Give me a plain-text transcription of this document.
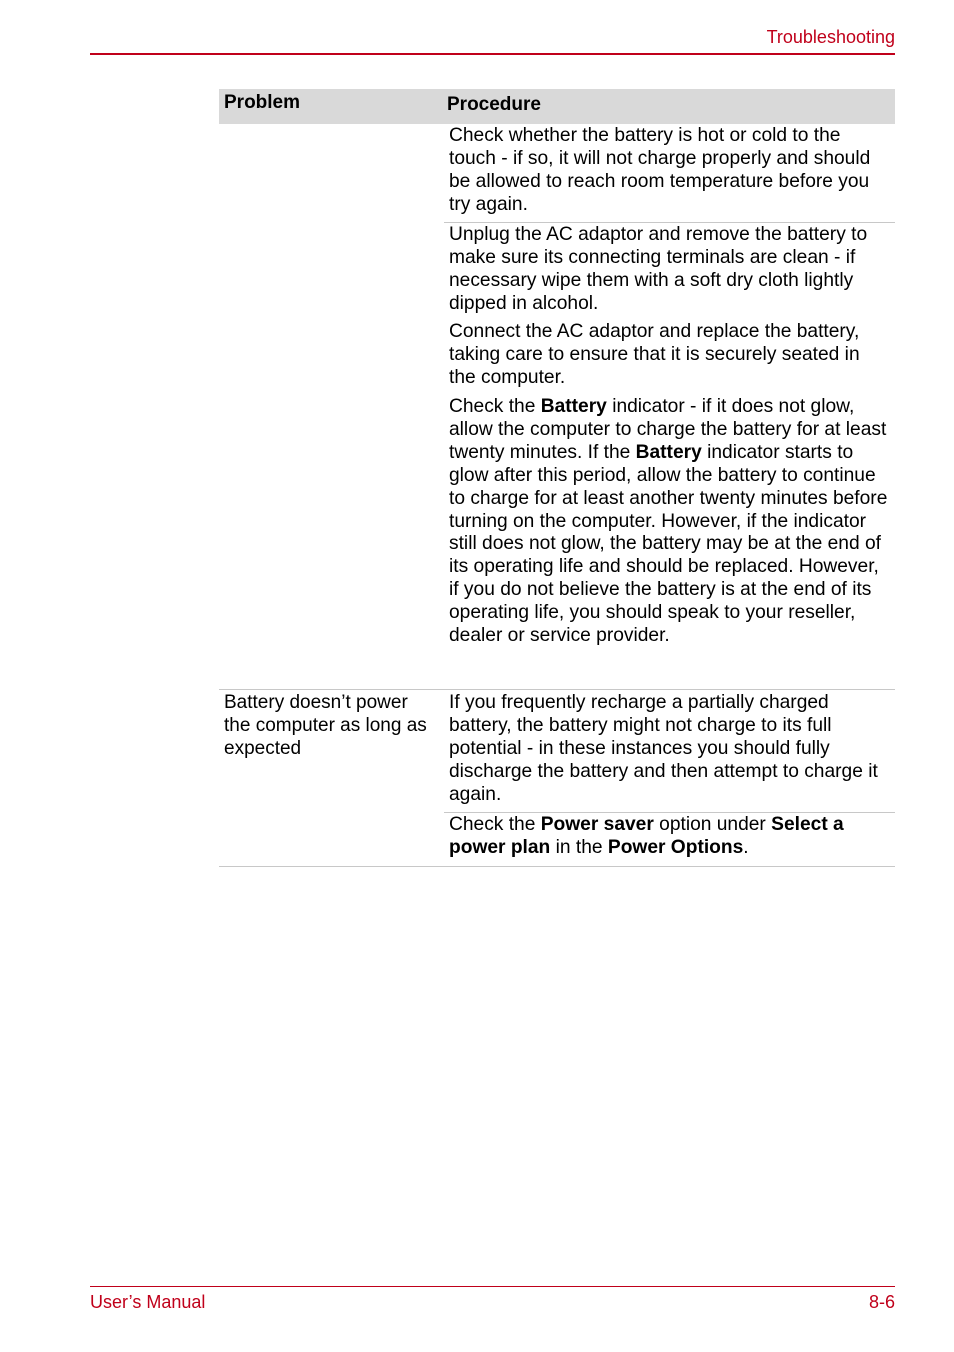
Troubleshooting
Problem	Procedure
Check whether the battery is hot or cold to the touch - if so, it will not charge properly and should be allowed to reach room temperature before you try again.
Unplug the AC adaptor and remove the battery to make sure its connecting terminals are clean - if necessary wipe them with a soft dry cloth lightly dipped in alcohol.
Connect the AC adaptor and replace the battery, taking care to ensure that it is securely seated in the computer.
Check the Battery indicator - if it does not glow, allow the computer to charge the battery for at least twenty minutes. If the Battery indicator starts to glow after this period, allow the battery to continue to charge for at least another twenty minutes before turning on the computer. However, if the indicator still does not glow, the battery may be at the end of its operating life and should be replaced. However, if you do not believe the battery is at the end of its operating life, you should speak to your reseller, dealer or service provider.
Battery doesn’t power the computer as long as expected
If you frequently recharge a partially charged battery, the battery might not charge to its full potential - in these instances you should fully discharge the battery and then attempt to charge it again.
Check the Power saver option under Select a power plan in the Power Options.
User’s Manual	8-6
